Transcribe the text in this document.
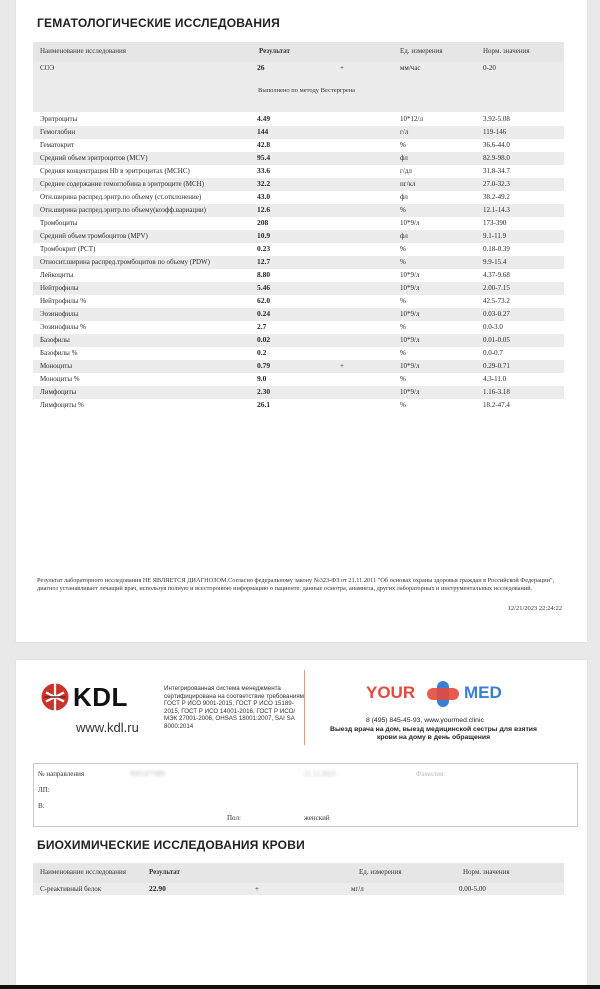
ГЕМАТОЛОГИЧЕСКИЕ ИССЛЕДОВАНИЯ
Наименование исследования	Результат	Ед. измерения	Норм. значения
СОЭ	26	+	мм/час	0-20
Выполнено по методу Вестергрена
Эритроциты	4.49	10*12/л	3.92-5.08
Гемоглобин	144	г/л	119-146
Гематокрит	42.8	%	36.6-44.0
Средний объем эритроцитов (MCV)	95.4	фл	82.9-98.0
Средняя концентрация Hb в эритроцитах (MCHC)	33.6	г/дл	31.8-34.7
Среднее содержание гемоглобина в эритроците (MCH)	32.2	пг/кл	27.0-32.3
Отн.ширина распред.эритр.по объему (ст.отклонение)	43.0	фл	38.2-49.2
Отн.ширина распред.эритр.по объему(коэфф.вариации)	12.6	%	12.1-14.3
Тромбоциты	208	10*9/л	173-390
Средний объем тромбоцитов (MPV)	10.9	фл	9.1-11.9
Тромбокрит (PCT)	0.23	%	0.18-0.39
Относит.ширина распред.тромбоцитов по объему (PDW)	12.7	%	9.9-15.4
Лейкоциты	8.80	10*9/л	4.37-9.68
Нейтрофилы	5.46	10*9/л	2.00-7.15
Нейтрофилы %	62.0	%	42.5-73.2
Эозинофилы	0.24	10*9/л	0.03-0.27
Эозинофилы %	2.7	%	0.0-3.0
Базофилы	0.02	10*9/л	0.01-0.05
Базофилы %	0.2	%	0.0-0.7
Моноциты	0.79	+	10*9/л	0.29-0.71
Моноциты %	9.0	%	4.3-11.0
Лимфоциты	2.30	10*9/л	1.16-3.18
Лимфоциты %	26.1	%	18.2-47.4
Результат лабораторного исследования НЕ ЯВЛЯЕТСЯ ДИАГНОЗОМ.Согласно федеральному закону №323-ФЗ от 21.11.2011 "Об основах охраны здоровья граждан в Российской Федерации", диагноз устанавливает лечащий врач, используя полную и всесторонюю информацию о пациенте: данные осмотра, анамнеза, других лабораторных и инструментальных исследований.
12/21/2023 22:24:22
KDL
www.kdl.ru
Интегрированная система менеджмента сертифицирована на соответствие требованиям ГОСТ Р ИСО 9001-2015, ГОСТ Р ИСО 15189-2015, ГОСТ Р ИСО 14001-2016, ГОСТ Р ИСО/МЭК 27001-2006, OHSAS 18001:2007, SAI SA 8000:2014
YOUR	MED
8 (495) 845-45-93, www.yourmed.clinic
Выезд врача на дом, выезд медицинской сестры для взятия крови на дому в день обращения
№ направления	9001477089	21.12.2023	Фамилия:
ЛП:
В:
Пол:	женский
БИОХИМИЧЕСКИЕ ИССЛЕДОВАНИЯ КРОВИ
Наименование исследования	Результат	Ед. измерения	Норм. значения
С-реактивный белок	22.90	+	мг/л	0.00-5.00
